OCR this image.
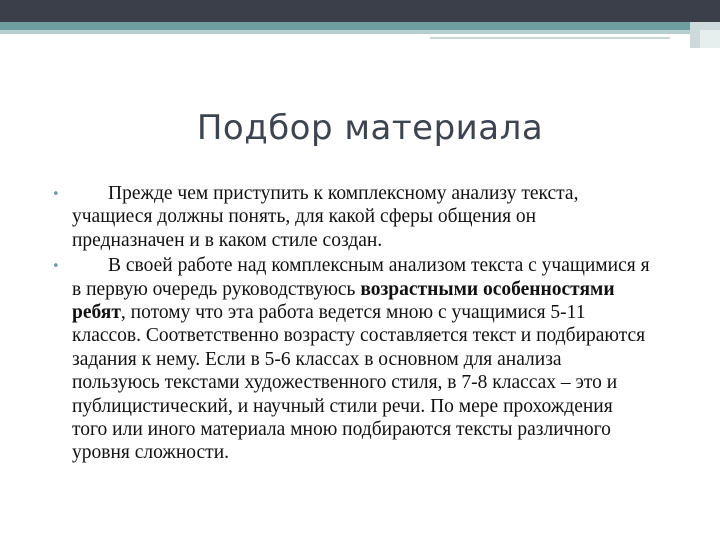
Подбор материала
• Прежде чем приступить к комплексному анализу текста, учащиеся должны понять, для какой сферы общения он предназначен и в каком стиле создан.
• В своей работе над комплексным анализом текста с учащимися я в первую очередь руководствуюсь возрастными особенностями ребят, потому что эта работа ведется мною с учащимися 5-11 классов. Соответственно возрасту составляется текст и подбираются задания к нему. Если в 5-6 классах в основном для анализа пользуюсь текстами художественного стиля, в 7-8 классах – это и публицистический, и научный стили речи. По мере прохождения того или иного материала мною подбираются тексты различного уровня сложности.
